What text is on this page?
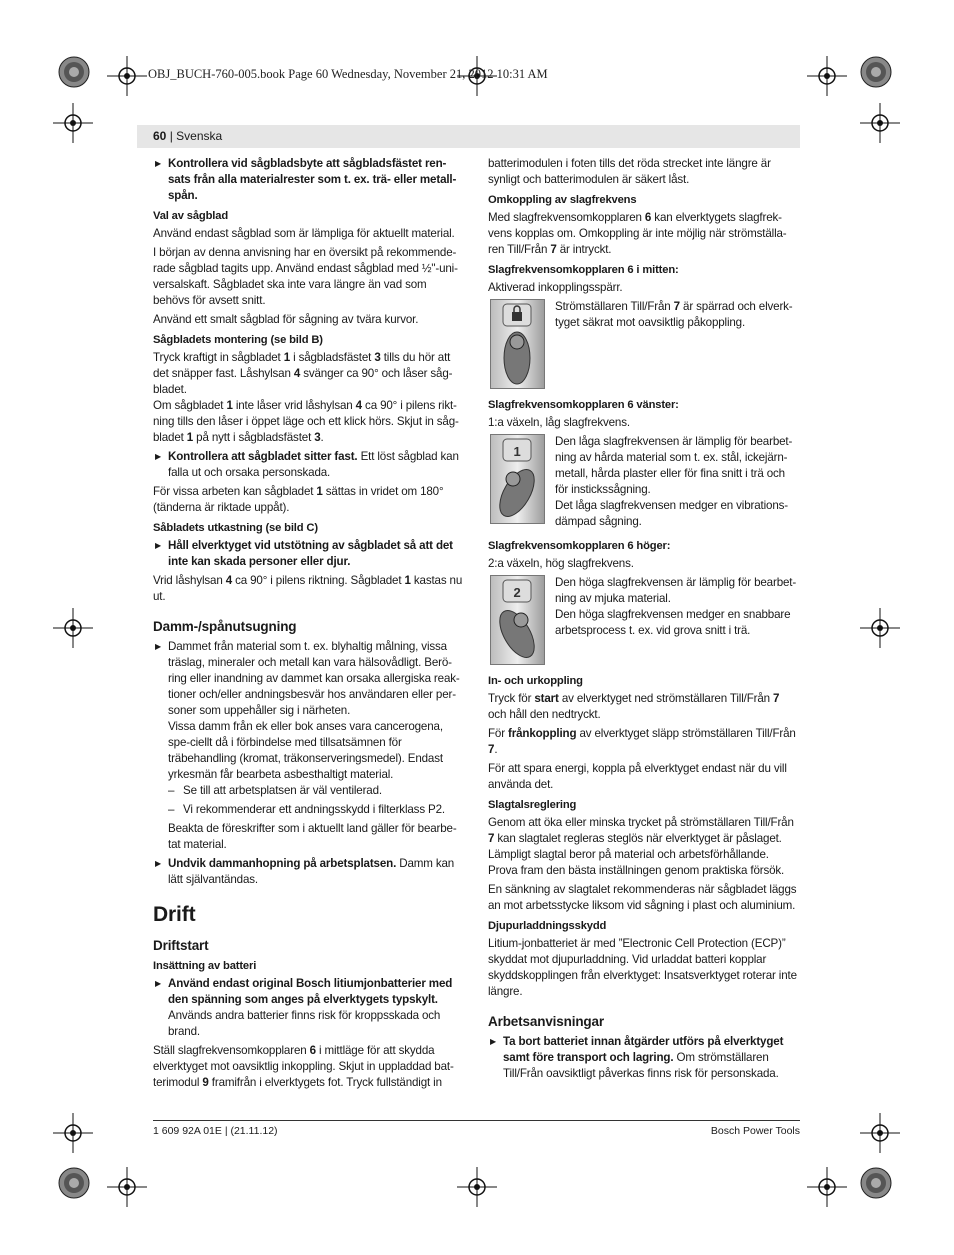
OBJ_BUCH-760-005.book Page 60 Wednesday, November 21, 2012 10:31 AM
60 | Svenska
▶ Kontrollera vid sågbladsbyte att sågbladsfästet ren-sats från alla materialrester som t. ex. trä- eller metall-spån.
Val av sågblad

Använd endast sågblad som är lämpliga för aktuellt material.

I början av denna anvisning har en översikt på rekommende-rade sågblad tagits upp. Använd endast sågblad med ½"-uni-versalskaft. Sågbladet ska inte vara längre än vad som behövs för avsett snitt.

Använd ett smalt sågblad för sågning av tvära kurvor.

Sågbladets montering (se bild B)

Tryck kraftigt in sågbladet 1 i sågbladsfästet 3 tills du hör att det snäpper fast. Låshylsan 4 svänger ca 90° och låser såg-bladet.

Om sågbladet 1 inte låser vrid låshylsan 4 ca 90° i pilens rikt-ning tills den låser i öppet läge och ett klick hörs. Skjut in såg-bladet 1 på nytt i sågbladsfästet 3.

▶ Kontrollera att sågbladet sitter fast. Ett löst sågblad kan falla ut och orsaka personskada.

För vissa arbeten kan sågbladet 1 sättas in vridet om 180° (tänderna är riktade uppåt).

Såbladets utkastning (se bild C)
▶ Håll elverktyget vid utstötning av sågbladet så att det inte kan skada personer eller djur.

Vrid låshylsan 4 ca 90° i pilens riktning. Sågbladet 1 kastas nu ut.

Damm-/spånutsugning
▶ Dammet från material som t. ex. blyhaltig målning, vissa träslag, mineraler och metall kan vara hälsovådligt. Berö-ring eller inandning av dammet kan orsaka allergiska reak-tioner och/eller andningsbesvär hos användaren eller per-soner som uppehåller sig i närheten.

Vissa damm från ek eller bok anses vara cancerogena, spe-ciellt då i förbindelse med tillsatsämnen för träbehandling (kromat, träkonserveringsmedel). Endast yrkesmän får bearbeta asbesthaltigt material.

– Se till att arbetsplatsen är väl ventilerad.

– Vi rekommenderar ett andningsskydd i filterklass P2.

Beakta de föreskrifter som i aktuellt land gäller för bearbe-tat material.

▶ Undvik dammanhopning på arbetsplatsen. Damm kan lätt självantändas.
Drift
Driftstart
Insättning av batteri
▶ Använd endast original Bosch litiumjonbatterier med den spänning som anges på elverktygets typskylt.

Används andra batterier finns risk för kroppsskada och brand.

Ställ slagfrekvensomkopplaren 6 i mittläge för att skydda elverktyget mot oavsiktlig inkoppling. Skjut in uppladdad bat-terimodul 9 framifrån i elverktygets fot. Tryck fullständigt in

batterimodulen i foten tills det röda strecket inte längre är synligt och batterimodulen är säkert låst.

Omkoppling av slagfrekvens

Med slagfrekvensomkopplaren 6 kan elverktygets slagfrek-vens kopplas om. Omkoppling är inte möjlig när strömställa-ren Till/Från 7 är intryckt.

Slagfrekvensomkopplaren 6 i mitten:

Aktiverad inkopplingsspärr.

Strömställaren Till/Från 7 är spärrad och elverk-tyget säkrat mot oavsiktlig påkoppling.
Slagfrekvensomkopplaren 6 vänster:

1:a växeln, låg slagfrekvens.

1
Den låga slagfrekvensen är lämplig för bearbet-ning av hårda material som t. ex. stål, ickejärn-metall, hårda plaster eller för fina snitt i trä och för instickssågning.
Det låga slagfrekvensen medger en vibrations-dämpad sågning.
Slagfrekvensomkopplaren 6 höger:

2:a växeln, hög slagfrekvens.

2
Den höga slagfrekvensen är lämplig för bearbet-ning av mjuka material.
Den höga slagfrekvensen medger en snabbare arbetsprocess t. ex. vid grova snitt i trä.
In- och urkoppling

Tryck för start av elverktyget ned strömställaren Till/Från 7 och håll den nedtryckt.

För frånkoppling av elverktyget släpp strömställaren Till/Från 7.

För att spara energi, koppla på elverktyget endast när du vill använda det.

Slagtalsreglering

Genom att öka eller minska trycket på strömställaren Till/Från 7 kan slagtalet regleras steglös när elverktyget är påslaget.

Lämpligt slagtal beror på material och arbetsförhållande. Prova fram den bästa inställningen genom praktiska försök.

En sänkning av slagtalet rekommenderas när sågbladet läggs an mot arbetsstycke liksom vid sågning i plast och aluminium.

Djupurladdningsskydd

Litium-jonbatteriet är med ”Electronic Cell Protection (ECP)” skyddat mot djupurladdning. Vid urladdat batteri kopplar skyddskopplingen från elverktyget: Insatsverktyget roterar inte längre.

Arbetsanvisningar
▶ Ta bort batteriet innan åtgärder utförs på elverktyget samt före transport och lagring. Om strömställaren Till/Från oavsiktligt påverkas finns risk för personskada.
1 609 92A 01E | (21.11.12)	Bosch Power Tools
